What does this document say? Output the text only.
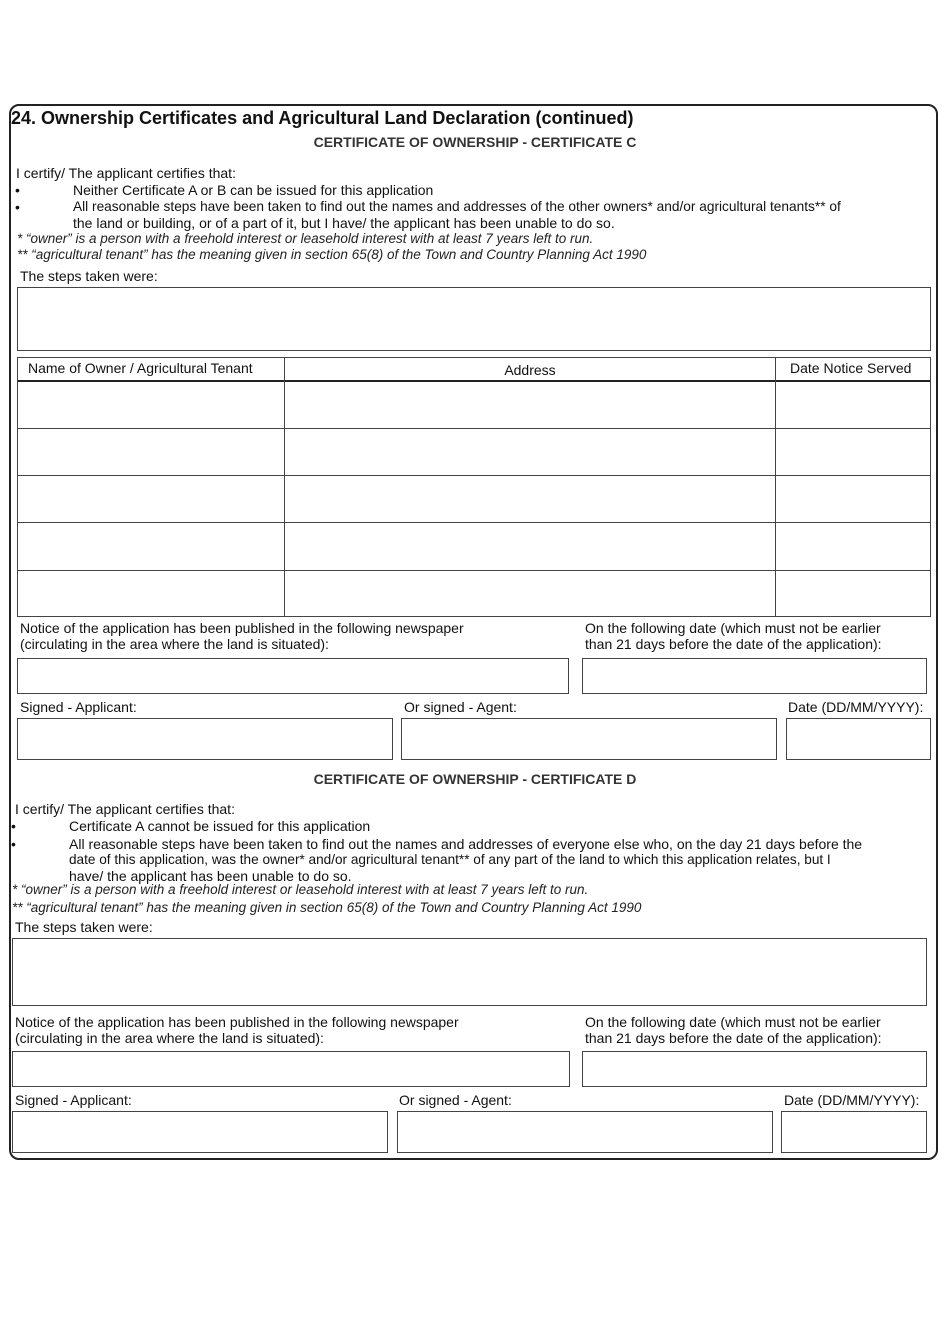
24. Ownership Certificates and Agricultural Land Declaration (continued)
CERTIFICATE OF OWNERSHIP - CERTIFICATE C
I certify/ The applicant certifies that:
•	Neither Certificate A or B can be issued for this application
•	All reasonable steps have been taken to find out the names and addresses of the other owners* and/or agricultural tenants** of
the land or building, or of a part of it, but I have/ the applicant has been unable to do so.
* “owner” is a person with a freehold interest or leasehold interest with at least 7 years left to run.
** “agricultural tenant” has the meaning given in section 65(8) of the Town and Country Planning Act 1990
The steps taken were:
Name of Owner / Agricultural Tenant	Address	Date Notice Served
Notice of the application has been published in the following newspaper
(circulating in the area where the land is situated):
On the following date (which must not be earlier
than 21 days before the date of the application):
Signed - Applicant:	Or signed - Agent:	Date (DD/MM/YYYY):
CERTIFICATE OF OWNERSHIP - CERTIFICATE D
I certify/ The applicant certifies that:
•	Certificate A cannot be issued for this application
•	All reasonable steps have been taken to find out the names and addresses of everyone else who, on the day 21 days before the
date of this application, was the owner* and/or agricultural tenant** of any part of the land to which this application relates, but I
have/ the applicant has been unable to do so.
* “owner” is a person with a freehold interest or leasehold interest with at least 7 years left to run.
** “agricultural tenant” has the meaning given in section 65(8) of the Town and Country Planning Act 1990
The steps taken were:
Notice of the application has been published in the following newspaper
(circulating in the area where the land is situated):
On the following date (which must not be earlier
than 21 days before the date of the application):
Signed - Applicant:	Or signed - Agent:	Date (DD/MM/YYYY):
